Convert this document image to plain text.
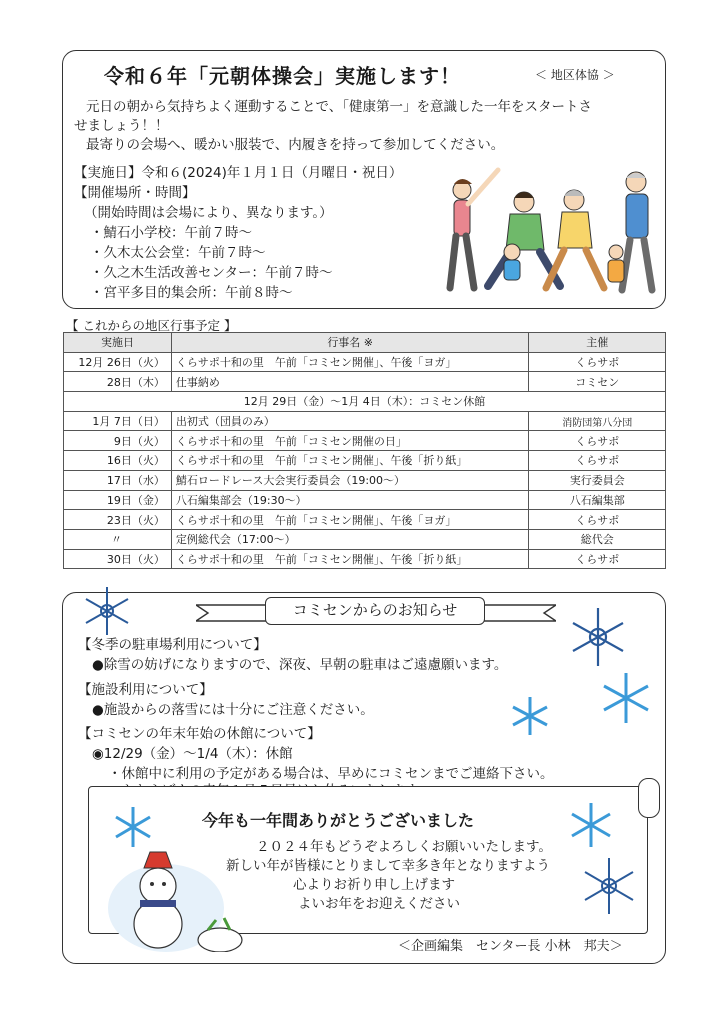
令和６年「元朝体操会」実施します！	＜ 地区体協 ＞
元日の朝から気持ちよく運動することで、「健康第一」を意識した一年をスタートさ
せましょう！！
最寄りの会場へ、暖かい服装で、内履きを持って参加してください。
【実施日】令和６(2024)年１月１日（月曜日・祝日）
【開催場所・時間】
（開始時間は会場により、異なります。）
・鯖石小学校：午前７時～
・久木太公会堂：午前７時～
・久之木生活改善センター：午前７時～
・宮平多目的集会所：午前８時～
【 これからの地区行事予定 】
実施日	行事名 ※	主催
12月 26日（火）	くらサポ十和の里　午前「コミセン開催」、午後「ヨガ」	くらサポ
28日（木）	仕事納め	コミセン
12月 29日（金）～1月 4日（木）：コミセン休館		
1月 7日（日）	出初式（団員のみ）	消防団第八分団
9日（火）	くらサポ十和の里　午前「コミセン開催の日」	くらサポ
16日（火）	くらサポ十和の里　午前「コミセン開催」、午後「折り紙」	くらサポ
17日（水）	鯖石ロードレース大会実行委員会（19:00～）	実行委員会
19日（金）	八石編集部会（19:30～）	八石編集部
23日（火）	くらサポ十和の里　午前「コミセン開催」、午後「ヨガ」	くらサポ
〃	定例総代会（17:00～）	総代会
30日（火）	くらサポ十和の里　午前「コミセン開催」、午後「折り紙」	くらサポ
コミセンからのお知らせ
【冬季の駐車場利用について】
●除雪の妨げになりますので、深夜、早朝の駐車はご遠慮願います。
【施設利用について】
●施設からの落雪には十分にご注意ください。
【コミセンの年末年始の休館について】
◉12/29（金）～1/4（木）：休館
・休館中に利用の予定がある場合は、早めにコミセンまでご連絡下さい。
今年も一年間ありがとうございました
２０２４年もどうぞよろしくお願いいたします。
新しい年が皆様にとりまして幸多き年となりますよう
心よりお祈り申し上げます
よいお年をお迎えください
＜企画編集　センター長 小林　邦夫＞
